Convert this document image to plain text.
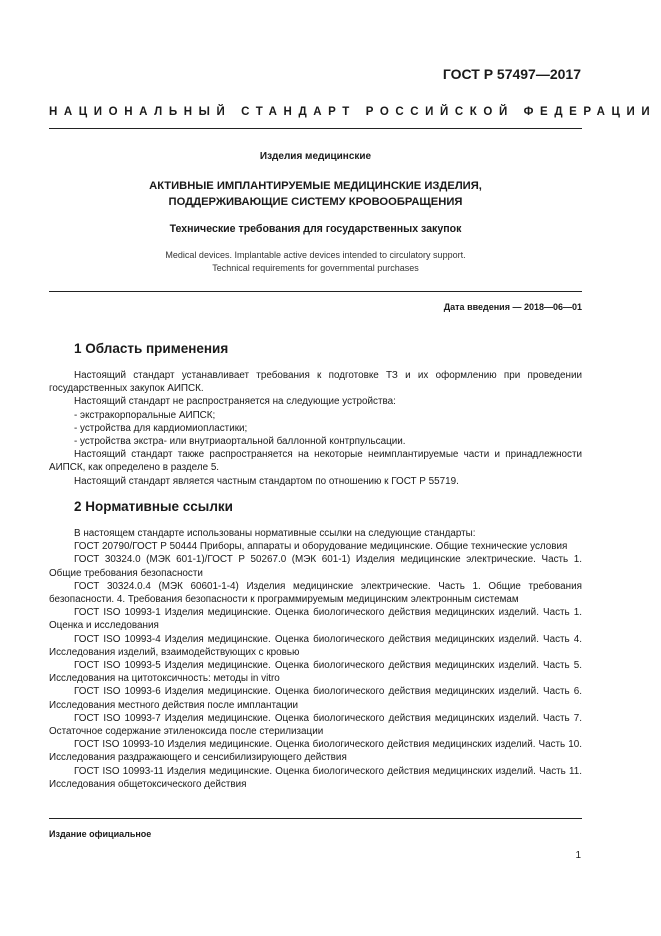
ГОСТ Р 57497—2017
НАЦИОНАЛЬНЫЙ СТАНДАРТ РОССИЙСКОЙ ФЕДЕРАЦИИ
Изделия медицинские
АКТИВНЫЕ ИМПЛАНТИРУЕМЫЕ МЕДИЦИНСКИЕ ИЗДЕЛИЯ,
ПОДДЕРЖИВАЮЩИЕ СИСТЕМУ КРОВООБРАЩЕНИЯ
Технические требования для государственных закупок
Medical devices. Implantable active devices intended to circulatory support.
Technical requirements for governmental purchases
Дата введения — 2018—06—01
1 Область применения
Настоящий стандарт устанавливает требования к подготовке ТЗ и их оформлению при проведении государственных закупок АИПСК.
Настоящий стандарт не распространяется на следующие устройства:
- экстракорпоральные АИПСК;
- устройства для кардиомиопластики;
- устройства экстра- или внутриаортальной баллонной контрпульсации.
Настоящий стандарт также распространяется на некоторые неимплантируемые части и принадлежности АИПСК, как определено в разделе 5.
Настоящий стандарт является частным стандартом по отношению к ГОСТ Р 55719.
2 Нормативные ссылки
В настоящем стандарте использованы нормативные ссылки на следующие стандарты:
ГОСТ 20790/ГОСТ Р 50444 Приборы, аппараты и оборудование медицинские. Общие технические условия
ГОСТ 30324.0 (МЭК 601-1)/ГОСТ Р 50267.0 (МЭК 601-1) Изделия медицинские электрические. Часть 1. Общие требования безопасности
ГОСТ 30324.0.4 (МЭК 60601-1-4) Изделия медицинские электрические. Часть 1. Общие требования безопасности. 4. Требования безопасности к программируемым медицинским электронным системам
ГОСТ ISO 10993-1 Изделия медицинские. Оценка биологического действия медицинских изделий. Часть 1. Оценка и исследования
ГОСТ ISO 10993-4 Изделия медицинские. Оценка биологического действия медицинских изделий. Часть 4. Исследования изделий, взаимодействующих с кровью
ГОСТ ISO 10993-5 Изделия медицинские. Оценка биологического действия медицинских изделий. Часть 5. Исследования на цитотоксичность: методы in vitro
ГОСТ ISO 10993-6 Изделия медицинские. Оценка биологического действия медицинских изделий. Часть 6. Исследования местного действия после имплантации
ГОСТ ISO 10993-7 Изделия медицинские. Оценка биологического действия медицинских изделий. Часть 7. Остаточное содержание этиленоксида после стерилизации
ГОСТ ISO 10993-10 Изделия медицинские. Оценка биологического действия медицинских изделий. Часть 10. Исследования раздражающего и сенсибилизирующего действия
ГОСТ ISO 10993-11 Изделия медицинские. Оценка биологического действия медицинских изделий. Часть 11. Исследования общетоксического действия
Издание официальное
1
